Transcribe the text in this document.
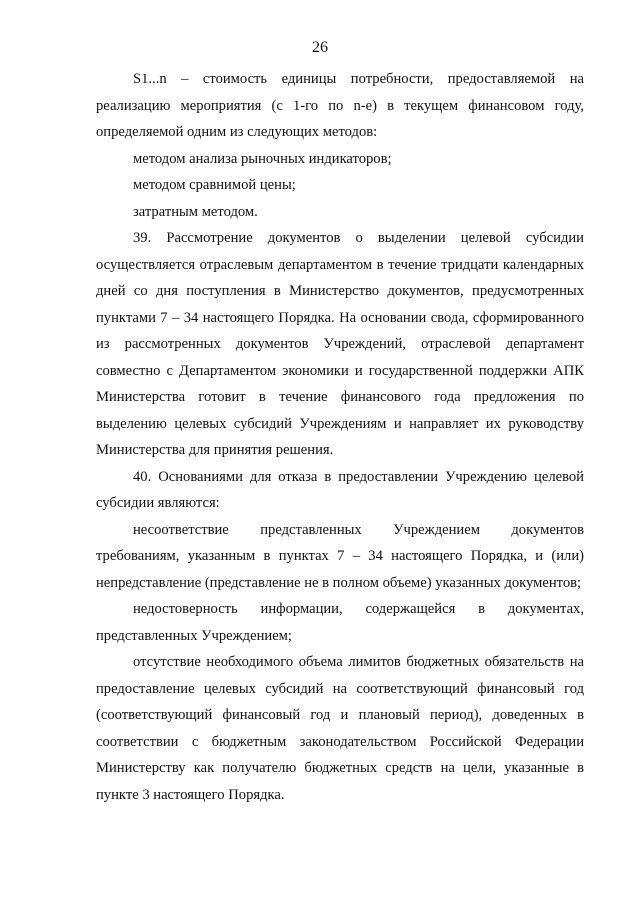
26

S1...n – стоимость единицы потребности, предоставляемой на реализацию мероприятия (с 1-го по n-е) в текущем финансовом году, определяемой одним из следующих методов:

методом анализа рыночных индикаторов;

методом сравнимой цены;

затратным методом.

39. Рассмотрение документов о выделении целевой субсидии осуществляется отраслевым департаментом в течение тридцати календарных дней со дня поступления в Министерство документов, предусмотренных пунктами 7 – 34 настоящего Порядка. На основании свода, сформированного из рассмотренных документов Учреждений, отраслевой департамент совместно с Департаментом экономики и государственной поддержки АПК Министерства готовит в течение финансового года предложения по выделению целевых субсидий Учреждениям и направляет их руководству Министерства для принятия решения.

40. Основаниями для отказа в предоставлении Учреждению целевой субсидии являются:

несоответствие представленных Учреждением документов требованиям, указанным в пунктах 7 – 34 настоящего Порядка, и (или) непредставление (представление не в полном объеме) указанных документов;

недостоверность информации, содержащейся в документах, представленных Учреждением;

отсутствие необходимого объема лимитов бюджетных обязательств на предоставление целевых субсидий на соответствующий финансовый год (соответствующий финансовый год и плановый период), доведенных в соответствии с бюджетным законодательством Российской Федерации Министерству как получателю бюджетных средств на цели, указанные в пункте 3 настоящего Порядка.
